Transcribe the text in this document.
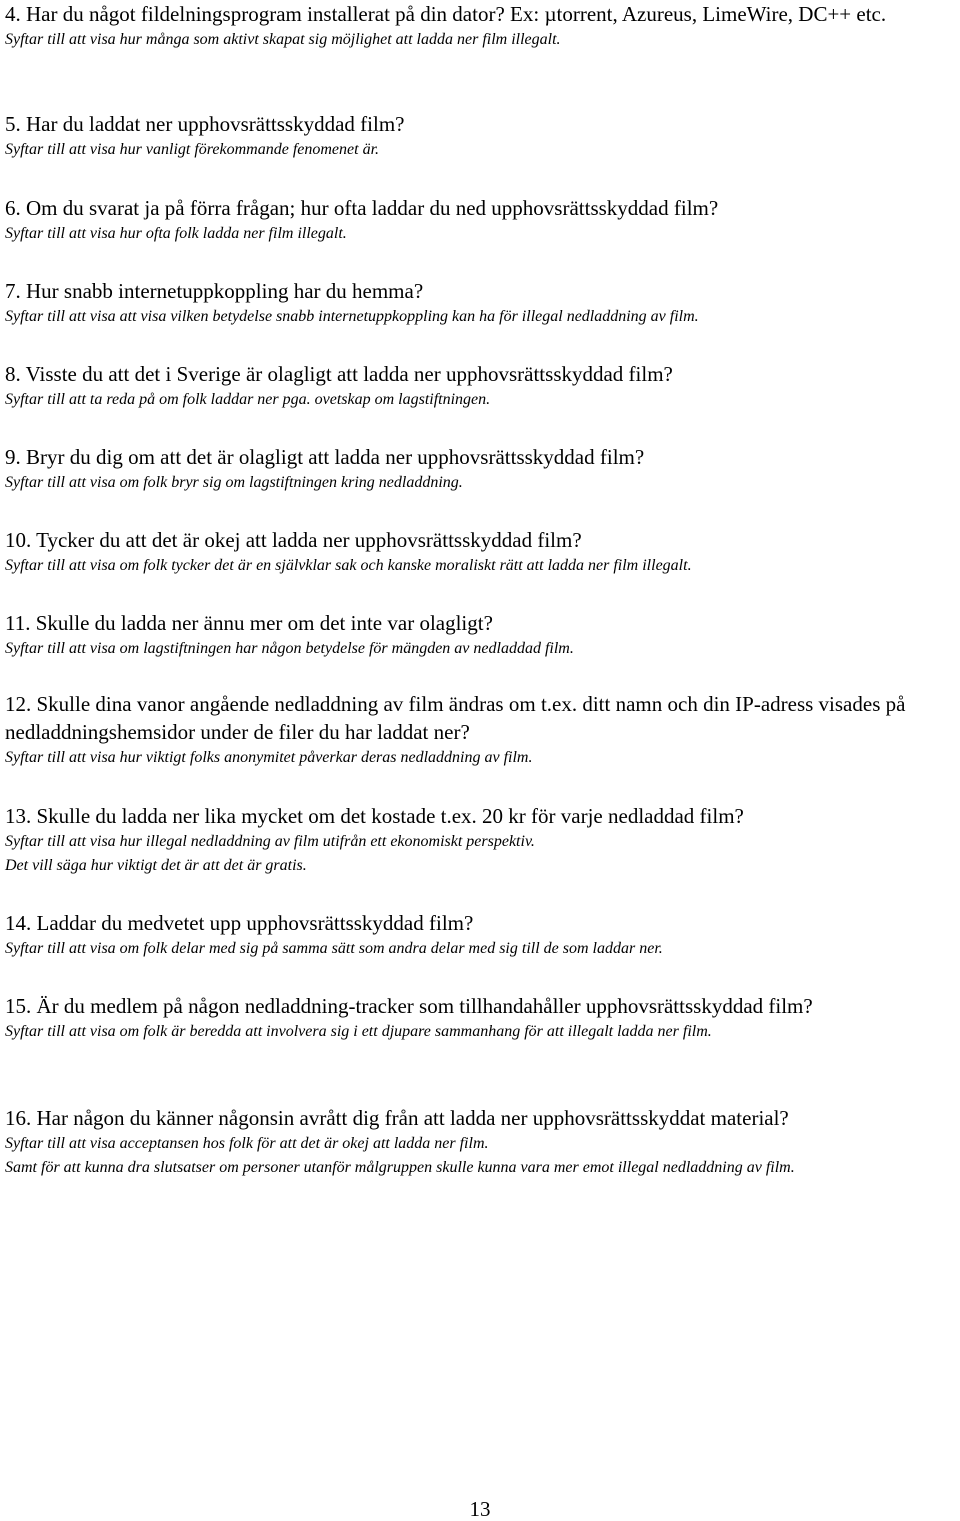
4. Har du något fildelningsprogram installerat på din dator? Ex: µtorrent, Azureus, LimeWire, DC++ etc.

Syftar till att visa hur många som aktivt skapat sig möjlighet att ladda ner film illegalt.

5. Har du laddat ner upphovsrättsskyddad film?

Syftar till att visa hur vanligt förekommande fenomenet är.

6. Om du svarat ja på förra frågan; hur ofta laddar du ned upphovsrättsskyddad film?

Syftar till att visa hur ofta folk ladda ner film illegalt.

7. Hur snabb internetuppkoppling har du hemma?

Syftar till att visa att visa vilken betydelse snabb internetuppkoppling kan ha för illegal nedladdning av film.

8. Visste du att det i Sverige är olagligt att ladda ner upphovsrättsskyddad film?

Syftar till att ta reda på om folk laddar ner pga. ovetskap om lagstiftningen.

9. Bryr du dig om att det är olagligt att ladda ner upphovsrättsskyddad film?

Syftar till att visa om folk bryr sig om lagstiftningen kring nedladdning.

10. Tycker du att det är okej att ladda ner upphovsrättsskyddad film?

Syftar till att visa om folk tycker det är en självklar sak och kanske moraliskt rätt att ladda ner film illegalt.

11. Skulle du ladda ner ännu mer om det inte var olagligt?

Syftar till att visa om lagstiftningen har någon betydelse för mängden av nedladdad film.

12. Skulle dina vanor angående nedladdning av film ändras om t.ex. ditt namn och din IP-adress visades på nedladdningshemsidor under de filer du har laddat ner?

Syftar till att visa hur viktigt folks anonymitet påverkar deras nedladdning av film.

13. Skulle du ladda ner lika mycket om det kostade t.ex. 20 kr för varje nedladdad film?

Syftar till att visa hur illegal nedladdning av film utifrån ett ekonomiskt perspektiv.

Det vill säga hur viktigt det är att det är gratis.

14. Laddar du medvetet upp upphovsrättsskyddad film?

Syftar till att visa om folk delar med sig på samma sätt som andra delar med sig till de som laddar ner.

15. Är du medlem på någon nedladdning-tracker som tillhandahåller upphovsrättsskyddad film?

Syftar till att visa om folk är beredda att involvera sig i ett djupare sammanhang för att illegalt ladda ner film.

16. Har någon du känner någonsin avrått dig från att ladda ner upphovsrättsskyddat material?

Syftar till att visa acceptansen hos folk för att det är okej att ladda ner film.

Samt för att kunna dra slutsatser om personer utanför målgruppen skulle kunna vara mer emot illegal nedladdning av film.

13
